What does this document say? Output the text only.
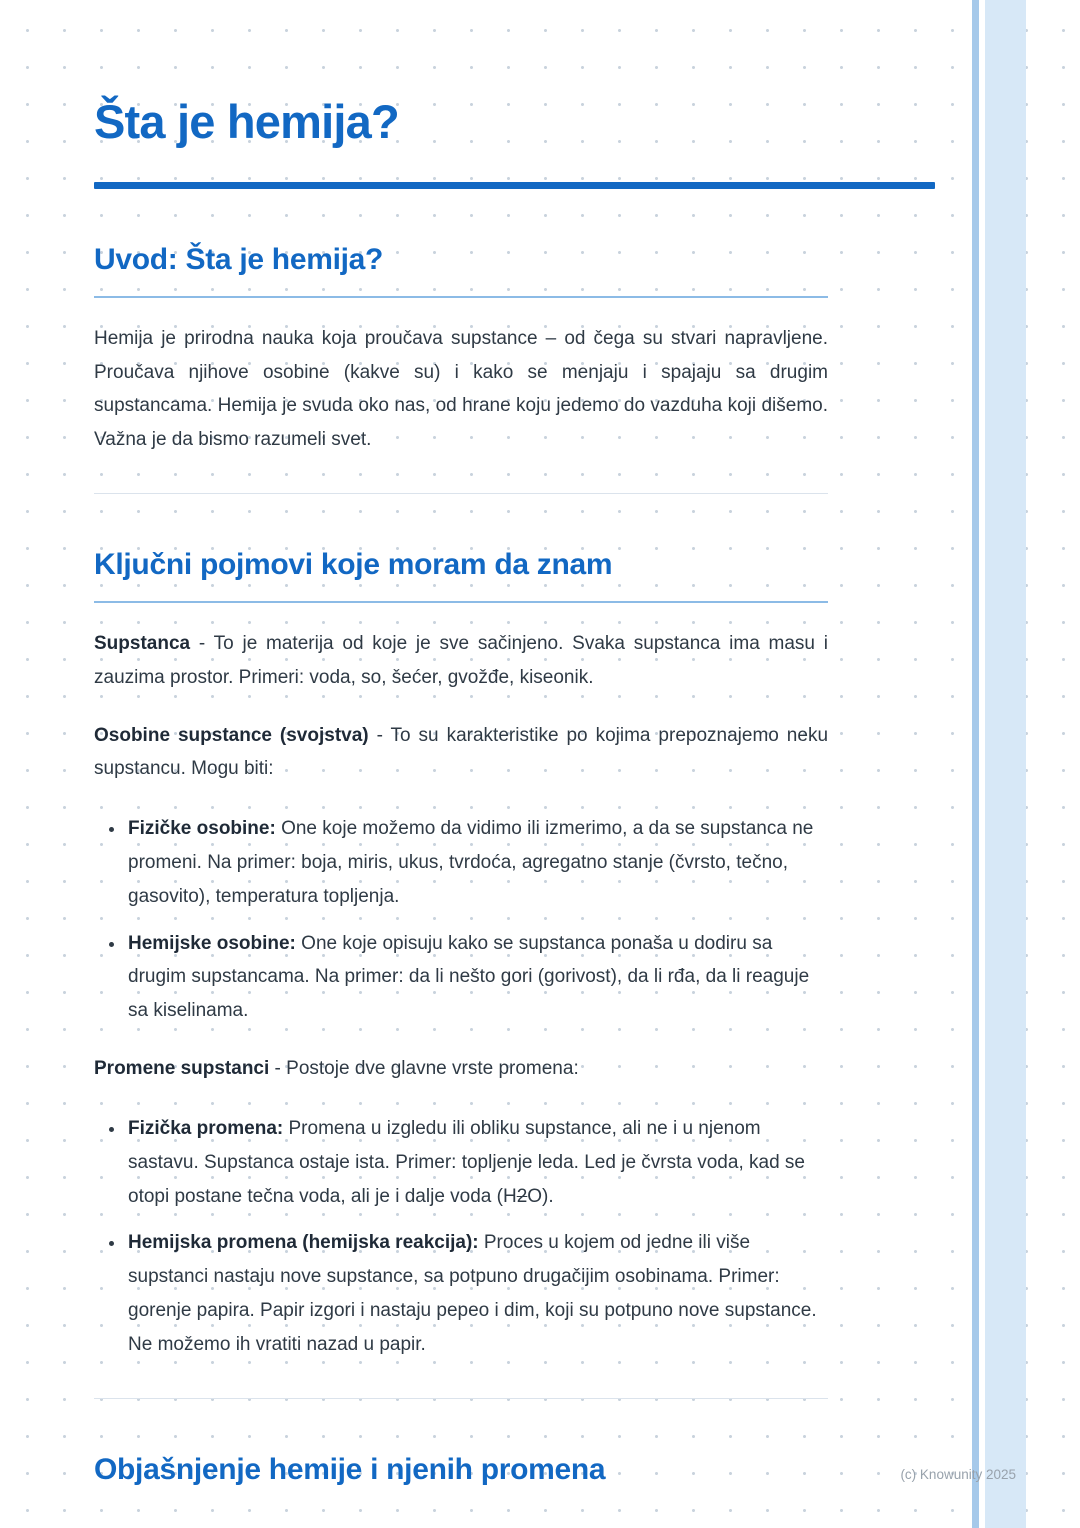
Šta je hemija?
Uvod: Šta je hemija?

Hemija je prirodna nauka koja proučava supstance – od čega su stvari napravljene. Proučava njihove osobine (kakve su) i kako se menjaju i spajaju sa drugim supstancama. Hemija je svuda oko nas, od hrane koju jedemo do vazduha koji dišemo. Važna je da bismo razumeli svet.

Ključni pojmovi koje moram da znam

Supstanca - To je materija od koje je sve sačinjeno. Svaka supstanca ima masu i zauzima prostor. Primeri: voda, so, šećer, gvožđe, kiseonik.

Osobine supstance (svojstva) - To su karakteristike po kojima prepoznajemo neku supstancu. Mogu biti:

• Fizičke osobine: One koje možemo da vidimo ili izmerimo, a da se supstanca ne promeni. Na primer: boja, miris, ukus, tvrdoća, agregatno stanje (čvrsto, tečno, gasovito), temperatura topljenja.
• Hemijske osobine: One koje opisuju kako se supstanca ponaša u dodiru sa drugim supstancama. Na primer: da li nešto gori (gorivost), da li rđa, da li reaguje sa kiselinama.

Promene supstanci - Postoje dve glavne vrste promena:

• Fizička promena: Promena u izgledu ili obliku supstance, ali ne i u njenom sastavu. Supstanca ostaje ista. Primer: topljenje leda. Led je čvrsta voda, kad se otopi postane tečna voda, ali je i dalje voda (H2O).
• Hemijska promena (hemijska reakcija): Proces u kojem od jedne ili više supstanci nastaju nove supstance, sa potpuno drugačijim osobinama. Primer: gorenje papira. Papir izgori i nastaju pepeo i dim, koji su potpuno nove supstance. Ne možemo ih vratiti nazad u papir.
Objašnjenje hemije i njenih promena	(c) Knowunity 2025
